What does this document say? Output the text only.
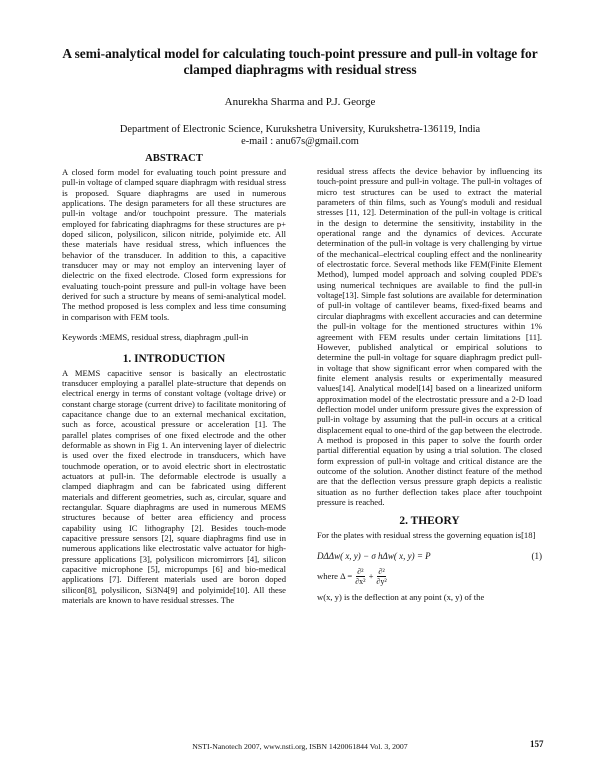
A semi-analytical model for calculating touch-point pressure and pull-in voltage for clamped diaphragms with residual stress
Anurekha Sharma and P.J. George
Department of Electronic Science, Kurukshetra University, Kurukshetra-136119, India
e-mail : anu67s@gmail.com
ABSTRACT

A closed form model for evaluating touch point pressure and pull-in voltage of clamped square diaphragm with residual stress is proposed. Square diaphragms are used in numerous applications. The design parameters for all these structures are pull-in voltage and/or touchpoint pressure. The materials employed for fabricating diaphragms for these structures are p+ doped silicon, polysilicon, silicon nitride, polyimide etc. All these materials have residual stress, which influences the behavior of the transducer. In addition to this, a capacitive transducer may or may not employ an intervening layer of dielectric on the fixed electrode. Closed form expressions for evaluating touch-point pressure and pull-in voltage have been derived for such a structure by means of semi-analytical model. The method proposed is less complex and less time consuming in comparison with FEM tools.

Keywords :MEMS, residual stress, diaphragm ,pull-in

1. INTRODUCTION

A MEMS capacitive sensor is basically an electrostatic transducer employing a parallel plate-structure that depends on electrical energy in terms of constant voltage (voltage drive) or constant charge storage (current drive) to facilitate monitoring of capacitance change due to an external mechanical excitation, such as force, acoustical pressure or acceleration [1]. The parallel plates comprises of one fixed electrode and the other deformable as shown in Fig 1. An intervening layer of dielectric is used over the fixed electrode in transducers, which have touchmode operation, or to avoid electric short in electrostatic actuators at pull-in. The deformable electrode is usually a clamped diaphragm and can be fabricated using different materials and different geometries, such as, circular, square and rectangular. Square diaphragms are used in numerous MEMS structures because of better area efficiency and process capability using IC lithography [2]. Besides touch-mode capacitive pressure sensors [2], square diaphragms find use in numerous applications like electrostatic valve actuator for high-pressure applications [3], polysilicon micromirrors [4], silicon capacitive microphone [5], micropumps [6] and bio-medical applications [7]. Different materials used are boron doped silicon[8], polysilicon, Si3N4[9] and polyimide[10]. All these materials are known to have residual stresses. The

residual stress affects the device behavior by influencing its touch-point pressure and pull-in voltage. The pull-in voltages of micro test structures can be used to extract the material parameters of thin films, such as Young's moduli and residual stresses [11, 12]. Determination of the pull-in voltage is critical in the design to determine the sensitivity, instability in the operational range and the dynamics of devices. Accurate determination of the pull-in voltage is very challenging by virtue of the mechanical–electrical coupling effect and the nonlinearity of electrostatic force. Several methods like FEM(Finite Element Method), lumped model approach and solving coupled PDE's using numerical techniques are available to find the pull-in voltage[13]. Simple fast solutions are available for determination of pull-in voltage of cantilever beams, fixed-fixed beams and circular diaphragms with excellent accuracies and can determine the pull-in voltage for the mentioned structures within 1% agreement with FEM results under certain limitations [11]. However, published analytical or empirical solutions to determine the pull-in voltage for square diaphragm predict pull-in voltage that show significant error when compared with the finite element analysis results or experimentally measured values[14]. Analytical model[14] based on a linearized uniform approximation model of the electrostatic pressure and a 2-D load deflection model under uniform pressure gives the expression of pull-in voltage by assuming that the pull-in occurs at a critical displacement equal to one-third of the gap between the electrode. A method is proposed in this paper to solve the fourth order partial differential equation by using a trial solution. The closed form expression of pull-in voltage and critical distance are the outcome of the solution. Another distinct feature of the method are that the deflection versus pressure graph depicts a realistic situation as no further deflection takes place after touchpoint pressure is reached.

2. THEORY

For the plates with residual stress the governing equation is[18]

DΔΔw( x, y) − σ hΔw( x, y) = P	(1)
where $\Delta = \frac{\text{∂²}}{\text{∂x²}} + \frac{\text{∂²}}{\text{∂y²}}$

w(x, y) is the deflection at any point (x, y) of the

NSTI-Nanotech 2007, www.nsti.org, ISBN 1420061844 Vol. 3, 2007	157
